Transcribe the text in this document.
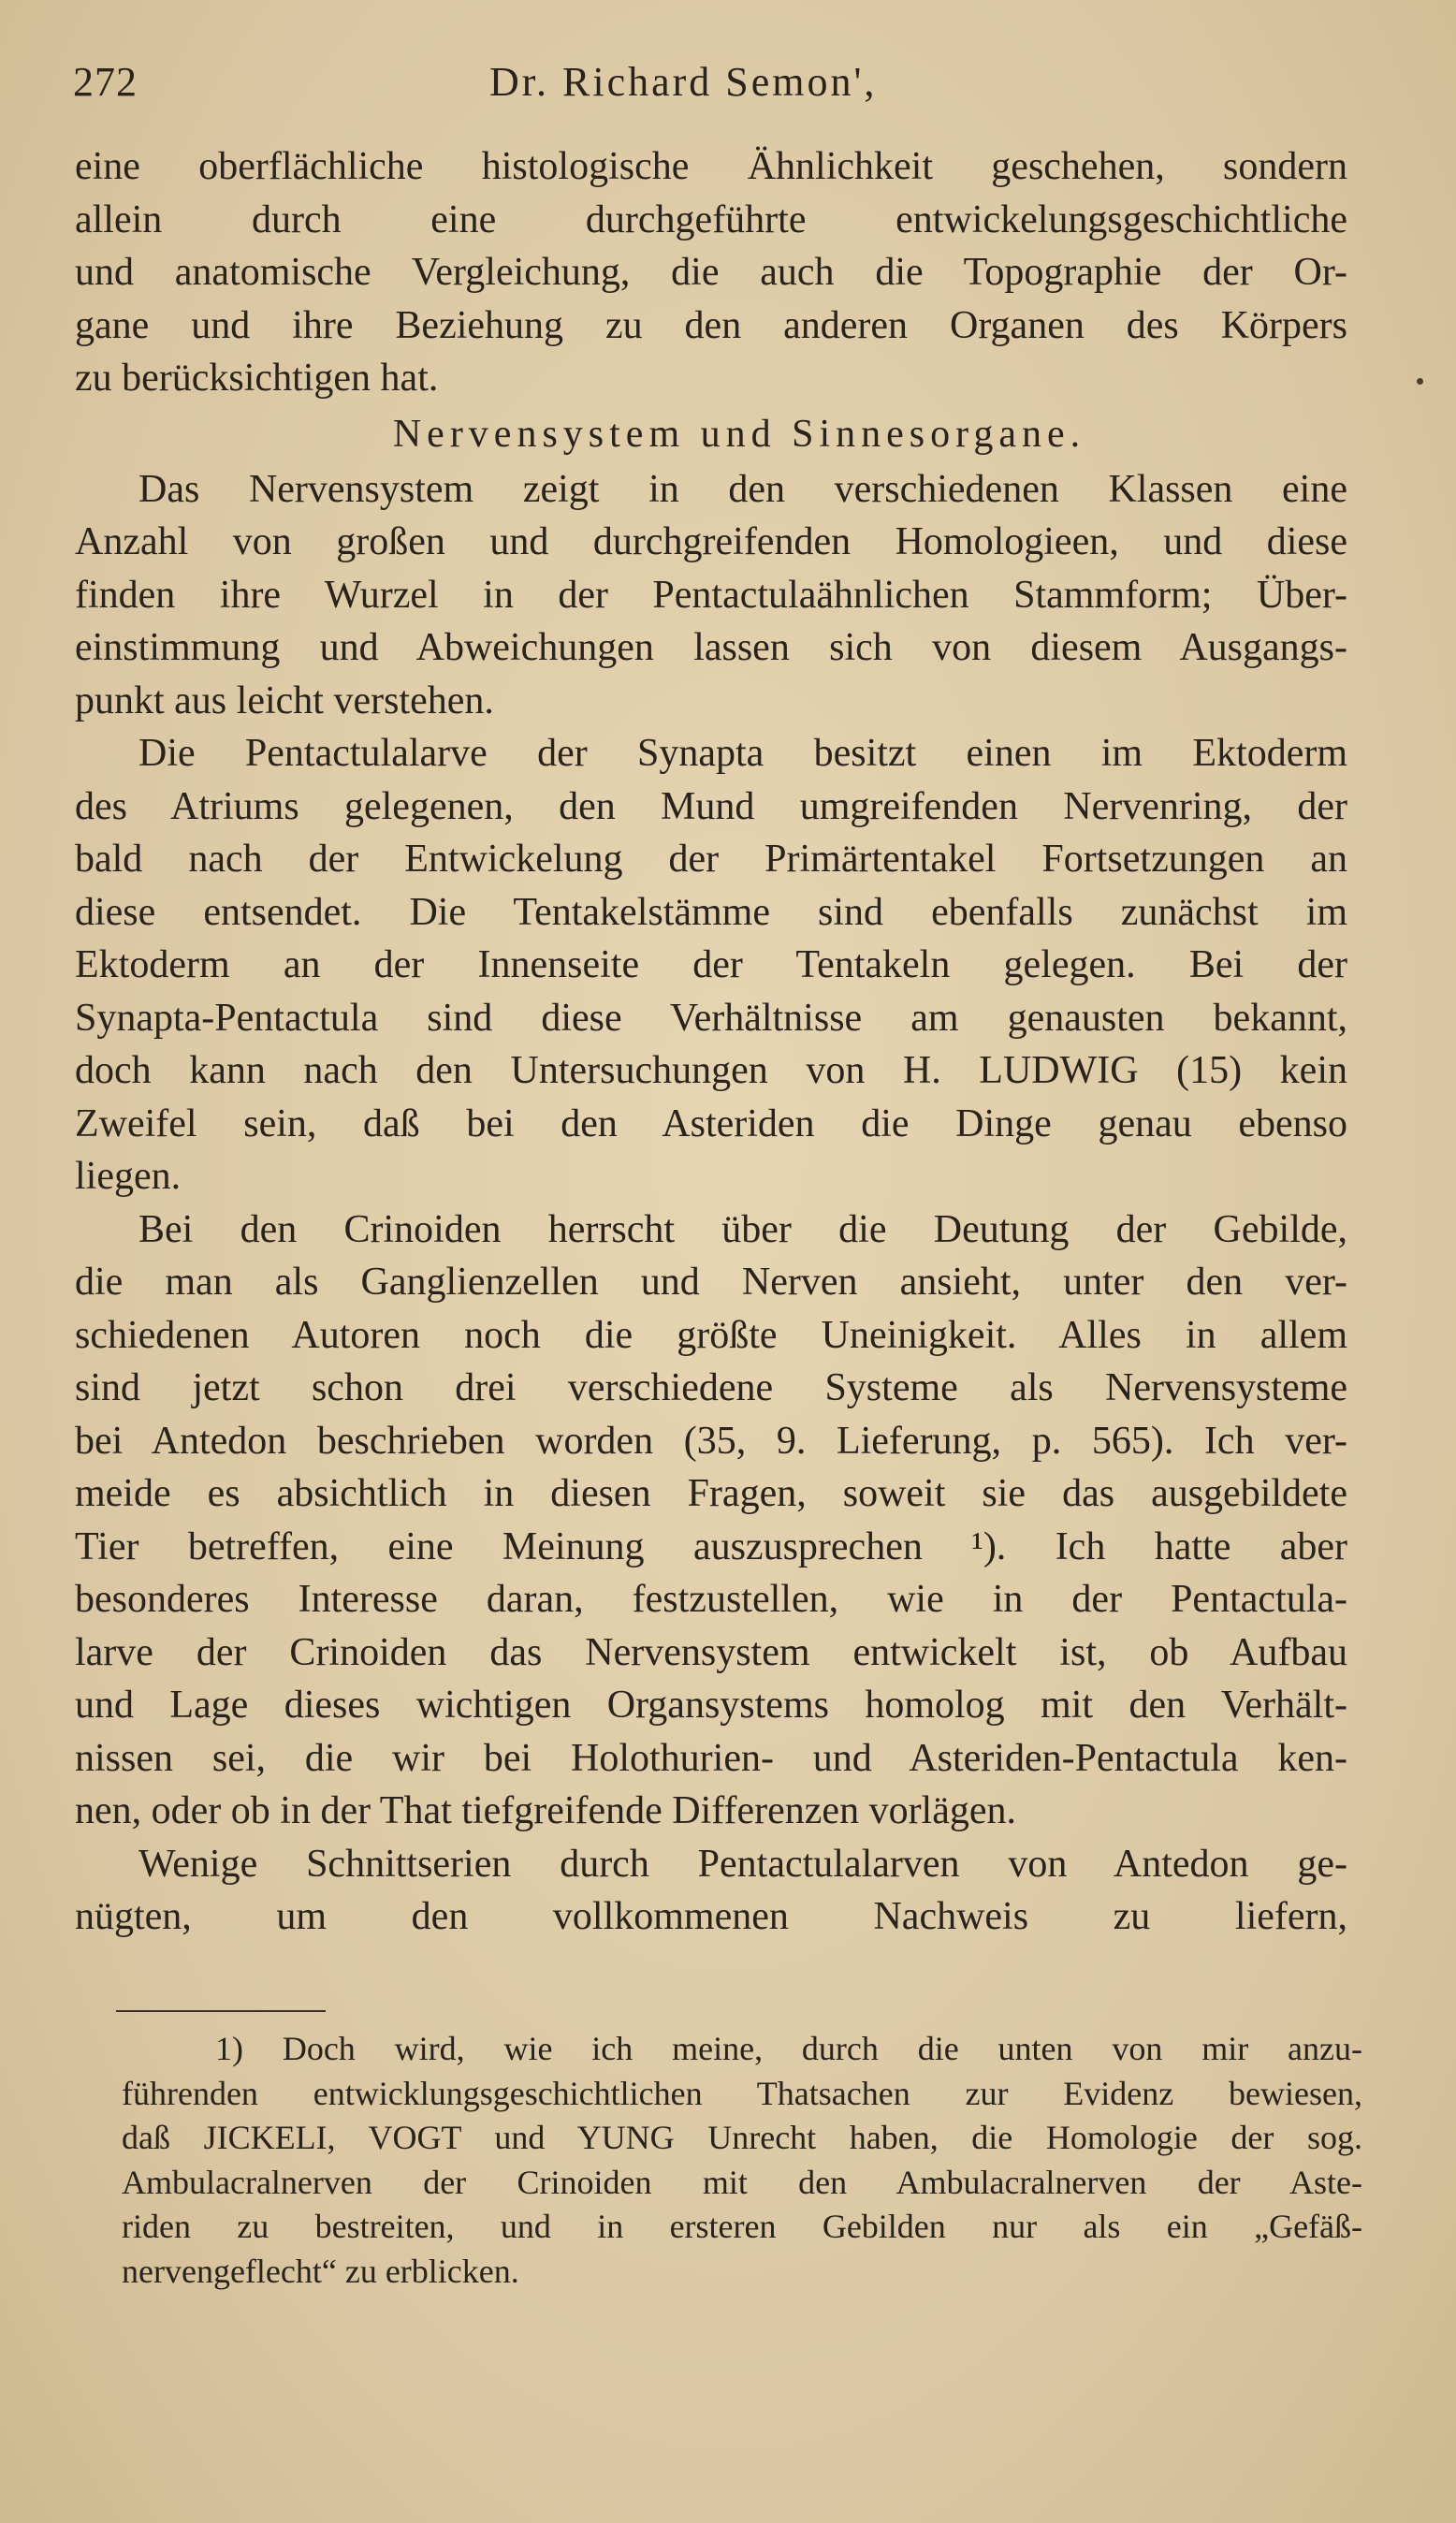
272	Dr. Richard Semon',
eine oberflächliche histologische Ähnlichkeit geschehen, sondern
allein durch eine durchgeführte entwickelungsgeschichtliche
und anatomische Vergleichung, die auch die Topographie der Or-
gane und ihre Beziehung zu den anderen Organen des Körpers
zu berücksichtigen hat.
Nervensystem und Sinnesorgane.
Das Nervensystem zeigt in den verschiedenen Klassen eine
Anzahl von großen und durchgreifenden Homologieen, und diese
finden ihre Wurzel in der Pentactulaähnlichen Stammform; Über-
einstimmung und Abweichungen lassen sich von diesem Ausgangs-
punkt aus leicht verstehen.
Die Pentactulalarve der Synapta besitzt einen im Ektoderm
des Atriums gelegenen, den Mund umgreifenden Nervenring, der
bald nach der Entwickelung der Primärtentakel Fortsetzungen an
diese entsendet. Die Tentakelstämme sind ebenfalls zunächst im
Ektoderm an der Innenseite der Tentakeln gelegen. Bei der
Synapta-Pentactula sind diese Verhältnisse am genausten bekannt,
doch kann nach den Untersuchungen von H. LUDWIG (15) kein
Zweifel sein, daß bei den Asteriden die Dinge genau ebenso
liegen.
Bei den Crinoiden herrscht über die Deutung der Gebilde,
die man als Ganglienzellen und Nerven ansieht, unter den ver-
schiedenen Autoren noch die größte Uneinigkeit. Alles in allem
sind jetzt schon drei verschiedene Systeme als Nervensysteme
bei Antedon beschrieben worden (35, 9. Lieferung, p. 565). Ich ver-
meide es absichtlich in diesen Fragen, soweit sie das ausgebildete
Tier betreffen, eine Meinung auszusprechen ¹). Ich hatte aber
besonderes Interesse daran, festzustellen, wie in der Pentactula-
larve der Crinoiden das Nervensystem entwickelt ist, ob Aufbau
und Lage dieses wichtigen Organsystems homolog mit den Verhält-
nissen sei, die wir bei Holothurien- und Asteriden-Pentactula ken-
nen, oder ob in der That tiefgreifende Differenzen vorlägen.
Wenige Schnittserien durch Pentactulalarven von Antedon ge-
nügten, um den vollkommenen Nachweis zu liefern,
1) Doch wird, wie ich meine, durch die unten von mir anzu-
führenden entwicklungsgeschichtlichen Thatsachen zur Evidenz bewiesen,
daß JICKELI, VOGT und YUNG Unrecht haben, die Homologie der sog.
Ambulacralnerven der Crinoiden mit den Ambulacralnerven der Aste-
riden zu bestreiten, und in ersteren Gebilden nur als ein „Gefäß-
nervengeflecht“ zu erblicken.
